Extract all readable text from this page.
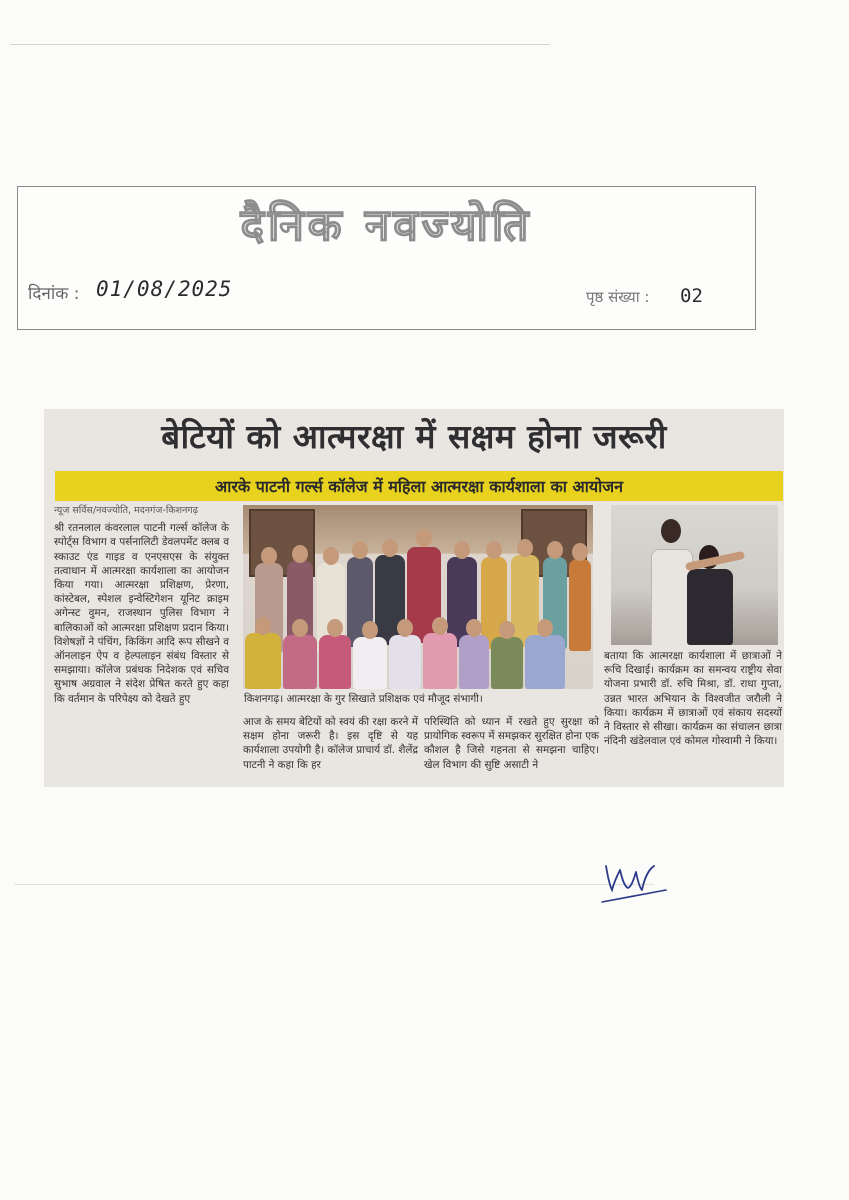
दैनिक नवज्योति
दिनांक : 01/08/2025	पृष्ठ संख्या : 02
बेटियों को आत्मरक्षा में सक्षम होना जरूरी
आरके पाटनी गर्ल्स कॉलेज में महिला आत्मरक्षा कार्यशाला का आयोजन
न्यूज सर्विस/नवज्योति, मदनगंज-किशनगढ़
श्री रतनलाल कंवरलाल पाटनी गर्ल्स कॉलेज के स्पोर्ट्स विभाग व पर्सनालिटी डेवलपमेंट क्लब व स्काउट एंड गाइड व एनएसएस के संयुक्त तत्वाधान में आत्मरक्षा कार्यशाला का आयोजन किया गया। आत्मरक्षा प्रशिक्षण, प्रेरणा, कांस्टेबल, स्पेशल इन्वेस्टिगेशन यूनिट क्राइम अगेन्स्ट वुमन, राजस्थान पुलिस विभाग ने बालिकाओं को आत्मरक्षा प्रशिक्षण प्रदान किया। विशेषज्ञों ने पंचिंग, किकिंग आदि रूप सीखने व ऑनलाइन ऐप व हेल्पलाइन संबंध विस्तार से समझाया। कॉलेज प्रबंधक निदेशक एवं सचिव सुभाष अग्रवाल ने संदेश प्रेषित करते हुए कहा कि वर्तमान के परिपेक्ष्य को देखते हुए	किशनगढ़। आत्मरक्षा के गुर सिखाते प्रशिक्षक एवं मौजूद संभागी।
आज के समय बेटियों को स्वयं की रक्षा करने में सक्षम होना जरूरी है। इस दृष्टि से यह कार्यशाला उपयोगी है। कॉलेज प्राचार्य डॉ. शैलेंद्र पाटनी ने कहा कि हर
परिस्थिति को ध्यान में रखते हुए सुरक्षा को प्रायोगिक स्वरूप में समझकर सुरक्षित होना एक कौशल है जिसे गहनता से समझना चाहिए। खेल विभाग की सुष्टि असाटी ने
बताया कि आत्मरक्षा कार्यशाला में छात्राओं ने रूचि दिखाई। कार्यक्रम का समन्वय राष्ट्रीय सेवा योजना प्रभारी डॉ. रुचि मिश्रा, डॉ. राधा गुप्ता, उन्नत भारत अभियान के विश्वजीत जरौली ने किया। कार्यक्रम में छात्राओं एवं संकाय सदस्यों ने विस्तार से सीखा। कार्यक्रम का संचालन छात्रा नंदिनी खंडेलवाल एवं कोमल गोस्वामी ने किया।
